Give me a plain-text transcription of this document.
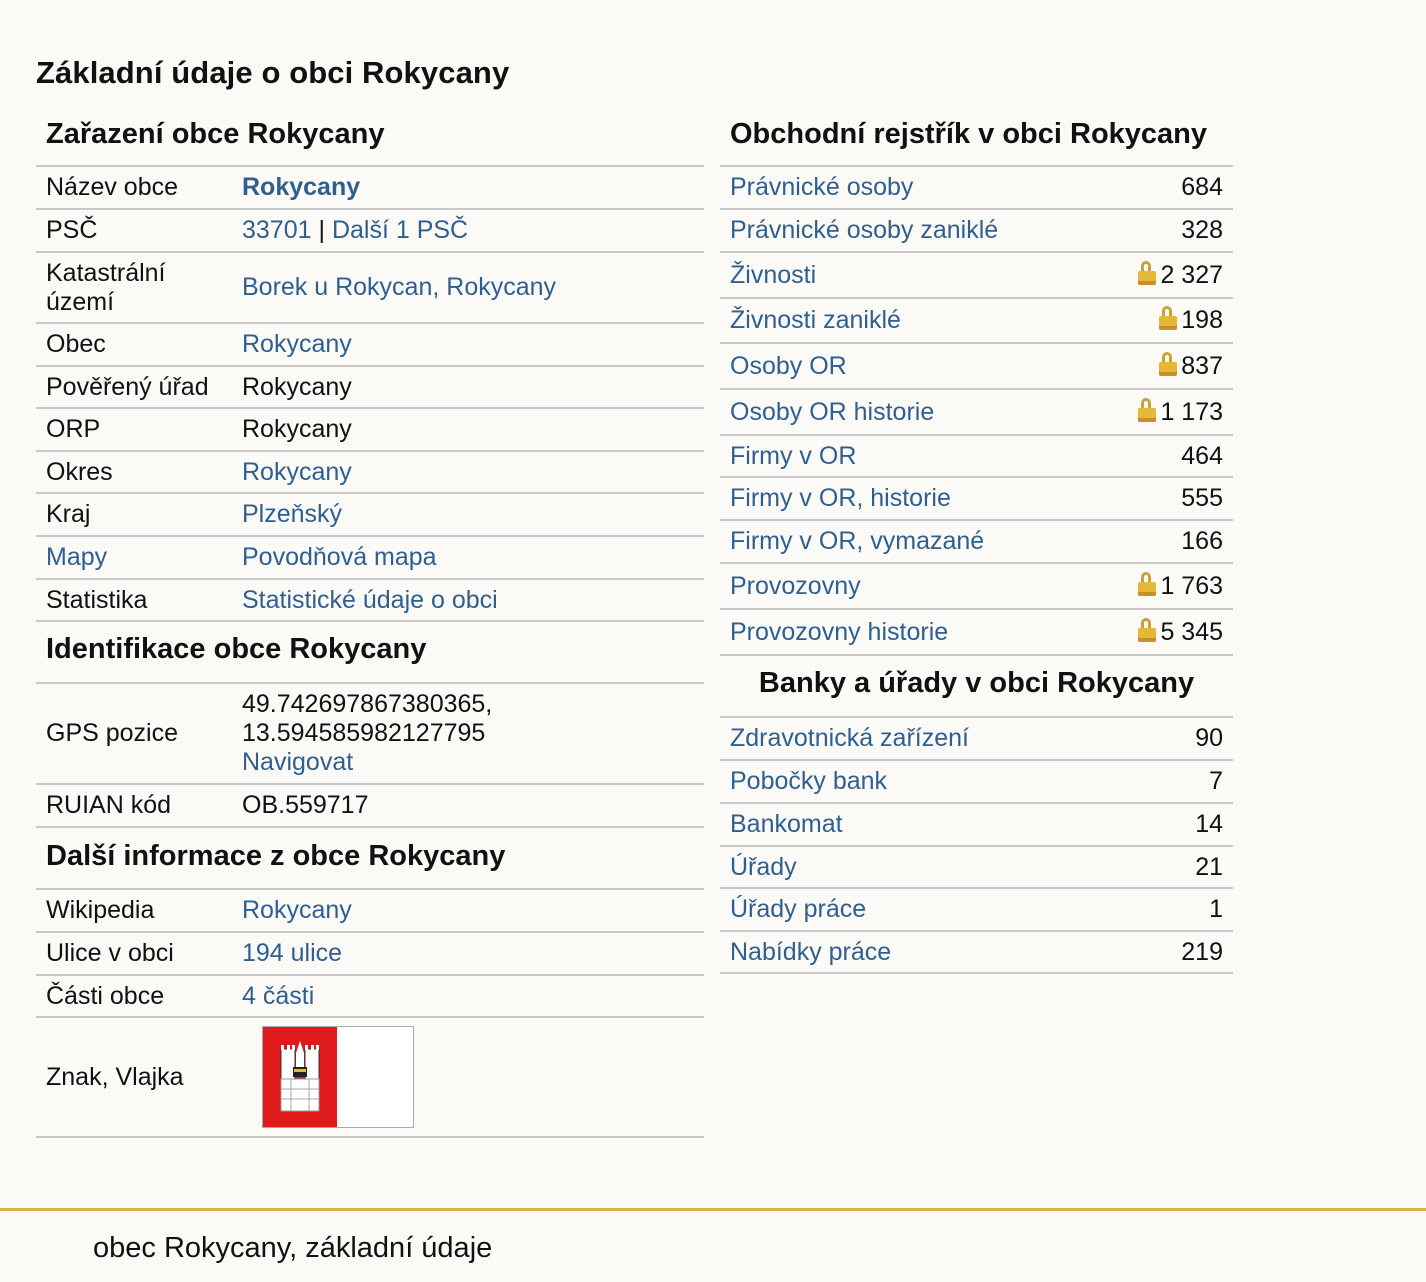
Základní údaje o obci Rokycany
Zařazení obce Rokycany
Název obce	Rokycany
PSČ	33701 | Další 1 PSČ
Katastrální území	Borek u Rokycan, Rokycany
Obec	Rokycany
Pověřený úřad	Rokycany
ORP	Rokycany
Okres	Rokycany
Kraj	Plzeňský
Mapy	Povodňová mapa
Statistika	Statistické údaje o obci
Identifikace obce Rokycany
GPS pozice	49.742697867380365,
13.594585982127795
Navigovat
RUIAN kód	OB.559717
Další informace z obce Rokycany
Wikipedia	Rokycany
Ulice v obci	194 ulice
Části obce	4 části
Znak, Vlajka	
Obchodní rejstřík v obci Rokycany
Právnické osoby	684
Právnické osoby zaniklé	328
Živnosti	2 327
Živnosti zaniklé	198
Osoby OR	837
Osoby OR historie	1 173
Firmy v OR	464
Firmy v OR, historie	555
Firmy v OR, vymazané	166
Provozovny	1 763
Provozovny historie	5 345
Banky a úřady v obci Rokycany
Zdravotnická zařízení	90
Pobočky bank	7
Bankomat	14
Úřady	21
Úřady práce	1
Nabídky práce	219
obec Rokycany, základní údaje
